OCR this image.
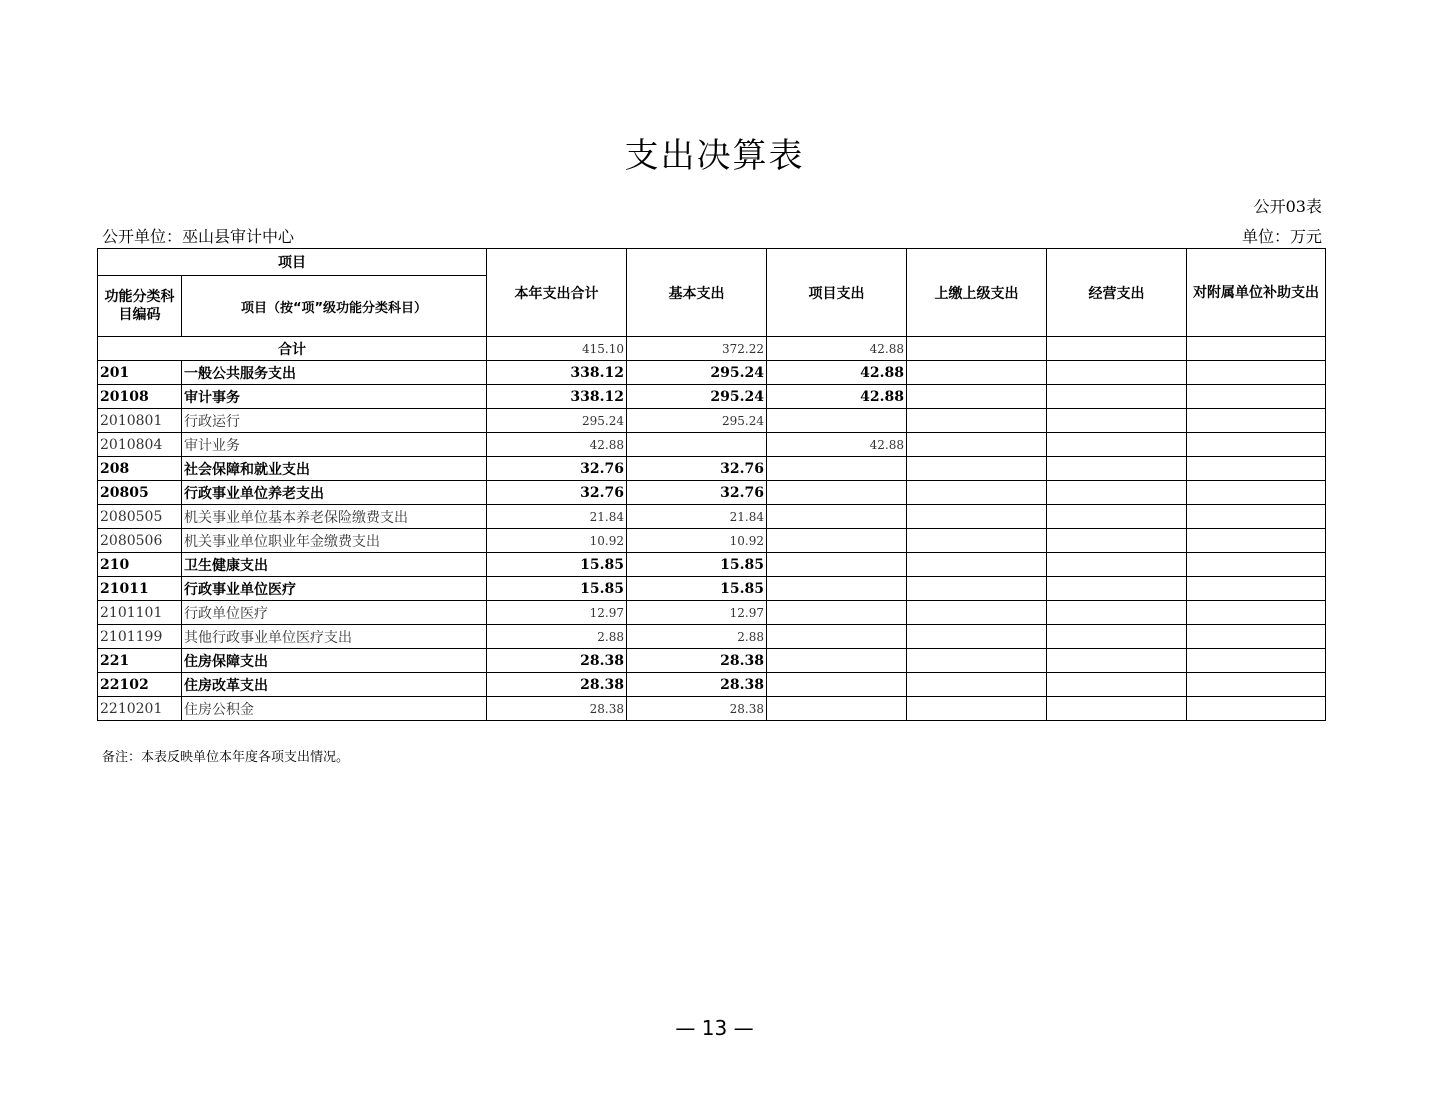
支出决算表
公开03表
公开单位：巫山县审计中心	单位：万元
项目		本年支出合计	基本支出	项目支出	上缴上级支出	经营支出	对附属单位补助支出
功能分类科目编码	项目（按“项”级功能分类科目）						
合计		415.10	372.22	42.88			
201	一般公共服务支出	338.12	295.24	42.88			
20108	审计事务	338.12	295.24	42.88			
2010801	行政运行	295.24	295.24				
2010804	审计业务	42.88		42.88			
208	社会保障和就业支出	32.76	32.76				
20805	行政事业单位养老支出	32.76	32.76				
2080505	机关事业单位基本养老保险缴费支出	21.84	21.84				
2080506	机关事业单位职业年金缴费支出	10.92	10.92				
210	卫生健康支出	15.85	15.85				
21011	行政事业单位医疗	15.85	15.85				
2101101	行政单位医疗	12.97	12.97				
2101199	其他行政事业单位医疗支出	2.88	2.88				
221	住房保障支出	28.38	28.38				
22102	住房改革支出	28.38	28.38				
2210201	住房公积金	28.38	28.38				
备注：本表反映单位本年度各项支出情况。
— 13 —
